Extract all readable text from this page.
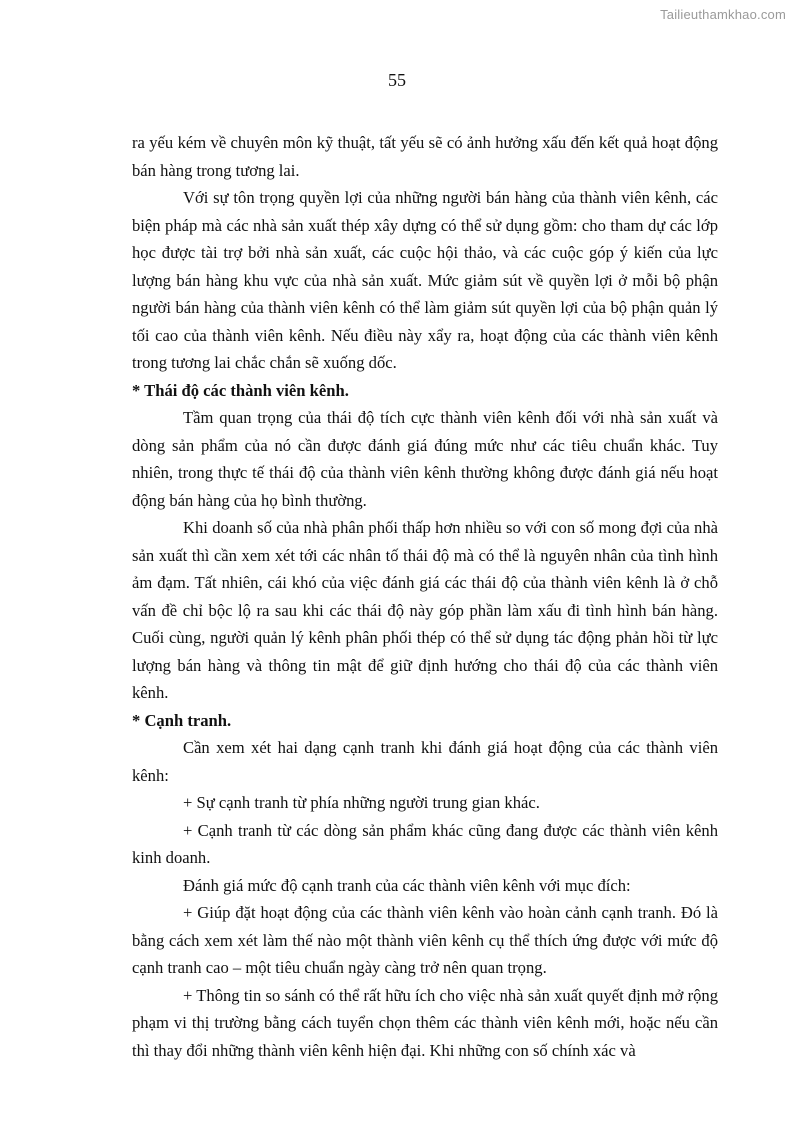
Tailieuthamkhao.com
55

ra yếu kém về chuyên môn kỹ thuật, tất yếu sẽ có ảnh hưởng xấu đến kết quả hoạt động bán hàng trong tương lai.

Với sự tôn trọng quyền lợi của những người bán hàng của thành viên kênh, các biện pháp mà các nhà sản xuất thép xây dựng có thể sử dụng gồm: cho tham dự các lớp học được tài trợ bởi nhà sản xuất, các cuộc hội thảo, và các cuộc góp ý kiến của lực lượng bán hàng khu vực của nhà sản xuất. Mức giảm sút về quyền lợi ở mỗi bộ phận người bán hàng của thành viên kênh có thể làm giảm sút quyền lợi của bộ phận quản lý tối cao của thành viên kênh. Nếu điều này xẩy ra, hoạt động của các thành viên kênh trong tương lai chắc chắn sẽ xuống dốc.

* Thái độ các thành viên kênh.

Tầm quan trọng của thái độ tích cực thành viên kênh đối với nhà sản xuất và dòng sản phẩm của nó cần được đánh giá đúng mức như các tiêu chuẩn khác. Tuy nhiên, trong thực tế thái độ của thành viên kênh thường không được đánh giá nếu hoạt động bán hàng của họ bình thường.

Khi doanh số của nhà phân phối thấp hơn nhiều so với con số mong đợi của nhà sản xuất thì cần xem xét tới các nhân tố thái độ mà có thể là nguyên nhân của tình hình ảm đạm. Tất nhiên, cái khó của việc đánh giá các thái độ của thành viên kênh là ở chỗ vấn đề chỉ bộc lộ ra sau khi các thái độ này góp phần làm xấu đi tình hình bán hàng. Cuối cùng, người quản lý kênh phân phối thép có thể sử dụng tác động phản hồi từ lực lượng bán hàng và thông tin mật để giữ định hướng cho thái độ của các thành viên kênh.

* Cạnh tranh.

Cần xem xét hai dạng cạnh tranh khi đánh giá hoạt động của các thành viên kênh:

+ Sự cạnh tranh từ phía những người trung gian khác.

+ Cạnh tranh từ các dòng sản phẩm khác cũng đang được các thành viên kênh kinh doanh.

Đánh giá mức độ cạnh tranh của các thành viên kênh với mục đích:

+ Giúp đặt hoạt động của các thành viên kênh vào hoàn cảnh cạnh tranh. Đó là bằng cách xem xét làm thế nào một thành viên kênh cụ thể thích ứng được với mức độ cạnh tranh cao – một tiêu chuẩn ngày càng trở nên quan trọng.

+ Thông tin so sánh có thể rất hữu ích cho việc nhà sản xuất quyết định mở rộng phạm vi thị trường bằng cách tuyển chọn thêm các thành viên kênh mới, hoặc nếu cần thì thay đổi những thành viên kênh hiện đại. Khi những con số chính xác và
